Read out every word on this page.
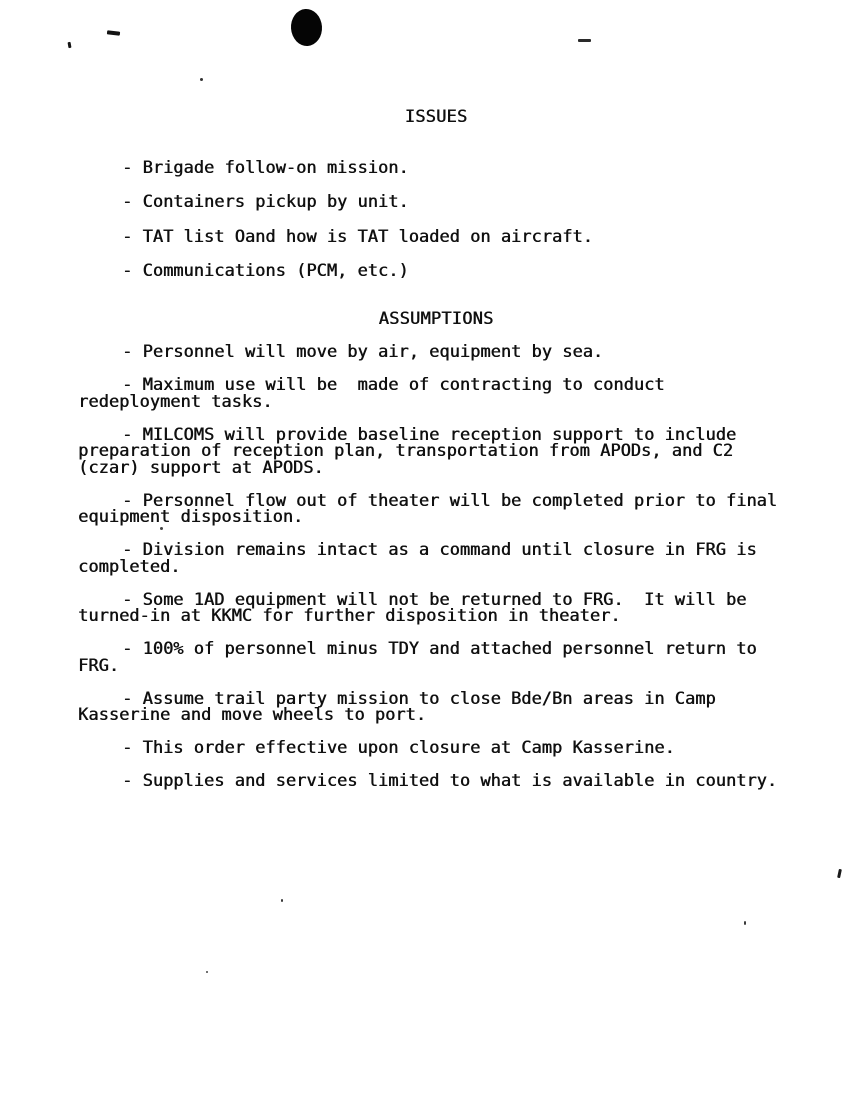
ISSUES

- Brigade follow-on mission.

- Containers pickup by unit.

- TAT list Oand how is TAT loaded on aircraft.

- Communications (PCM, etc.)

ASSUMPTIONS

- Personnel will move by air, equipment by sea.

- Maximum use will be  made of contracting to conduct
redeployment tasks.

- MILCOMS will provide baseline reception support to include
preparation of reception plan, transportation from APODs, and C2
(czar) support at APODS.

- Personnel flow out of theater will be completed prior to final
equipment disposition.

- Division remains intact as a command until closure in FRG is
completed.

- Some 1AD equipment will not be returned to FRG.  It will be
turned-in at KKMC for further disposition in theater.

- 100% of personnel minus TDY and attached personnel return to
FRG.

- Assume trail party mission to close Bde/Bn areas in Camp
Kasserine and move wheels to port.

- This order effective upon closure at Camp Kasserine.

- Supplies and services limited to what is available in country.
